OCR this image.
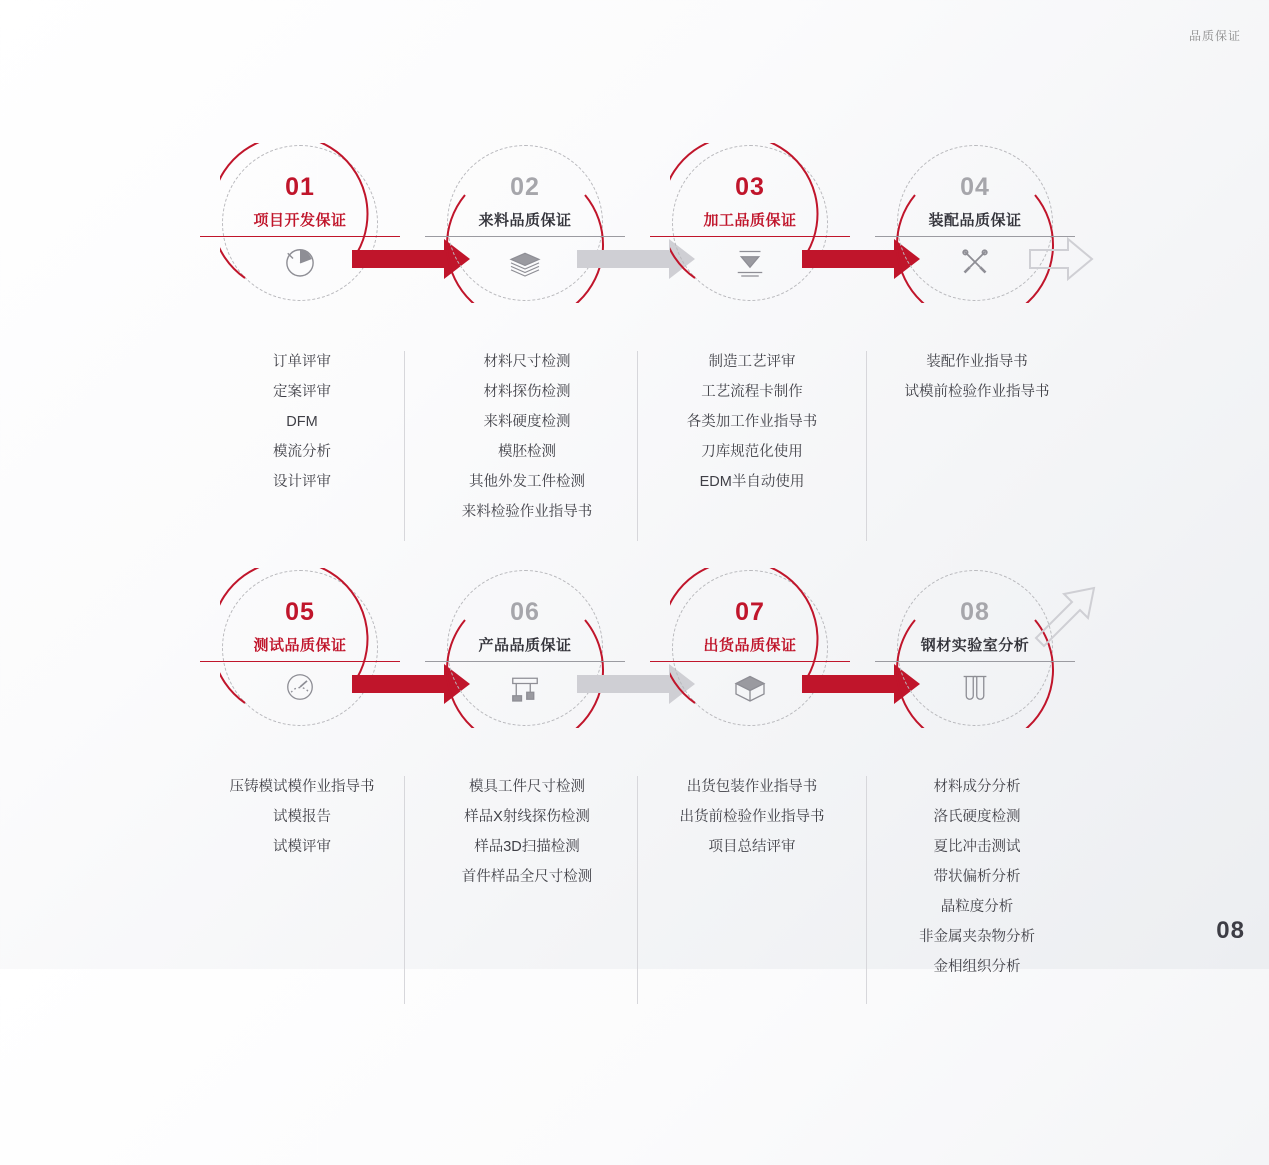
品质保证
08
01
项目开发保证
02
来料品质保证
03
加工品质保证
04
装配品质保证
订单评审
定案评审
DFM
模流分析
设计评审
材料尺寸检测
材料探伤检测
来料硬度检测
模胚检测
其他外发工件检测
来料检验作业指导书
制造工艺评审
工艺流程卡制作
各类加工作业指导书
刀库规范化使用
EDM半自动使用
装配作业指导书
试模前检验作业指导书
05
测试品质保证
06
产品品质保证
07
出货品质保证
08
钢材实验室分析
压铸模试模作业指导书
试模报告
试模评审
模具工件尺寸检测
样品X射线探伤检测
样品3D扫描检测
首件样品全尺寸检测
出货包装作业指导书
出货前检验作业指导书
项目总结评审
材料成分分析
洛氏硬度检测
夏比冲击测试
带状偏析分析
晶粒度分析
非金属夹杂物分析
金相组织分析
